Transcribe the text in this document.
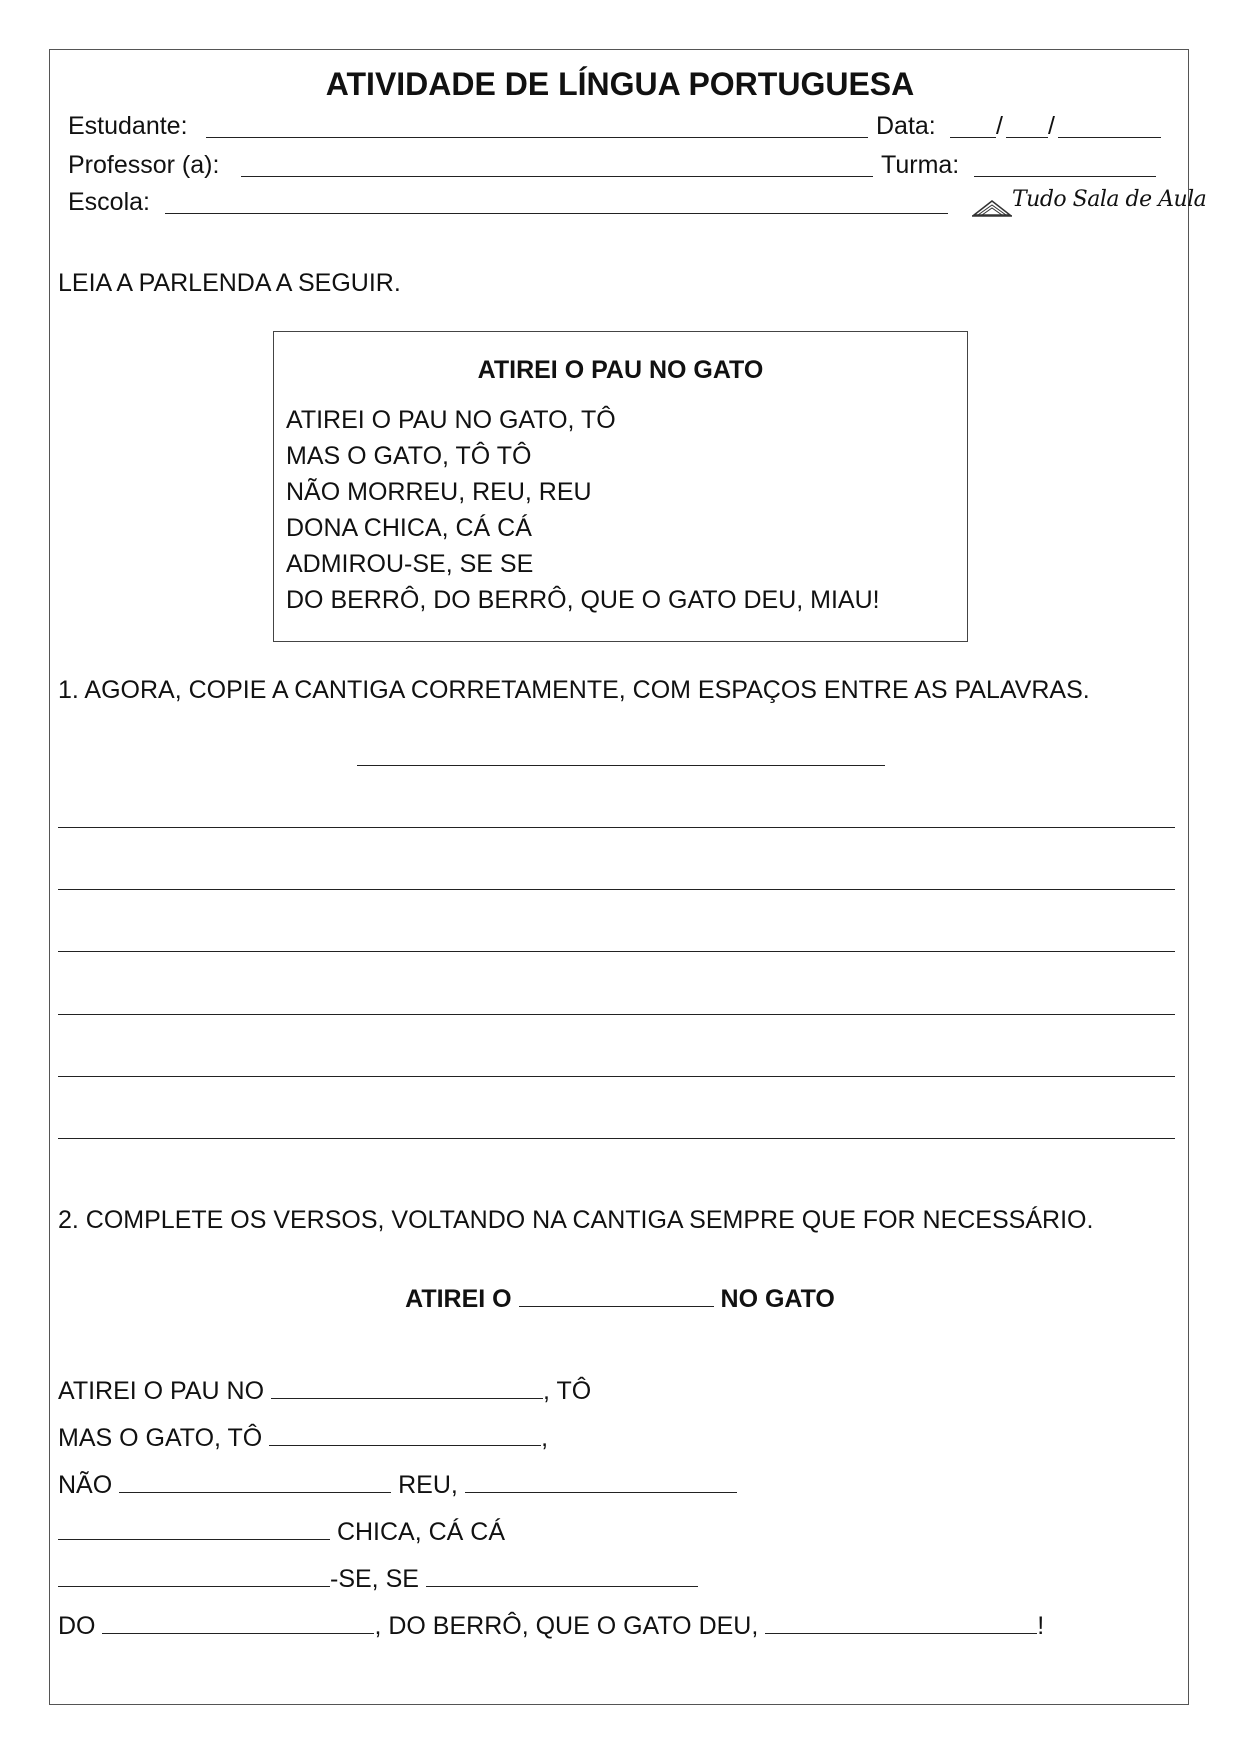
ATIVIDADE DE LÍNGUA PORTUGUESA
Estudante:	Data: / /
Professor (a):	Turma:
Escola:	Tudo Sala de Aula
LEIA A PARLENDA A SEGUIR.
ATIREI O PAU NO GATO
ATIREI O PAU NO GATO, TÔ
MAS O GATO, TÔ TÔ
NÃO MORREU, REU, REU
DONA CHICA, CÁ CÁ
ADMIROU-SE, SE SE
DO BERRÔ, DO BERRÔ, QUE O GATO DEU, MIAU!
1. AGORA, COPIE A CANTIGA CORRETAMENTE, COM ESPAÇOS ENTRE AS PALAVRAS.
2. COMPLETE OS VERSOS, VOLTANDO NA CANTIGA SEMPRE QUE FOR NECESSÁRIO.
ATIREI O	NO GATO
ATIREI O PAU NO	, TÔ
MAS O GATO, TÔ	,
NÃO	REU,
CHICA, CÁ CÁ
-SE, SE
DO	, DO BERRÔ, QUE O GATO DEU,	!
